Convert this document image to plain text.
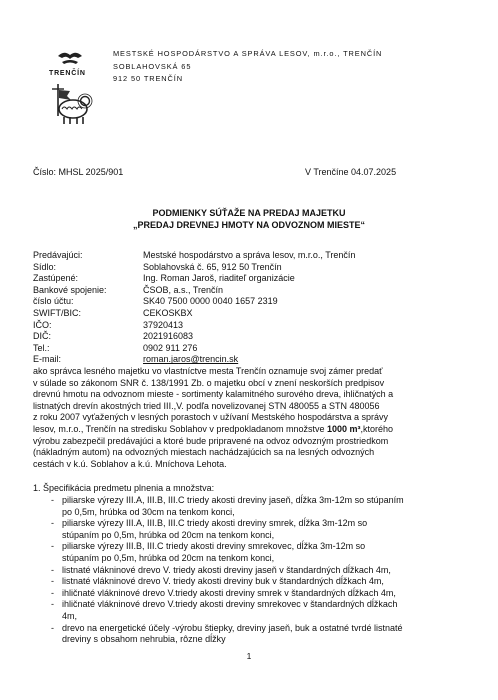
TRENČÍN
MESTSKÉ HOSPODÁRSTVO A SPRÁVA LESOV, m.r.o., TRENČÍN
SOBLAHOVSKÁ 65
912 50 TRENČÍN
Číslo: MHSL 2025/901	V Trenčíne 04.07.2025
PODMIENKY SÚŤAŽE NA PREDAJ MAJETKU
„PREDAJ DREVNEJ HMOTY NA ODVOZNOM MIESTE“
Predávajúci:	Mestské hospodárstvo a správa lesov, m.r.o., Trenčín
Sídlo:	Soblahovská č. 65, 912 50 Trenčín
Zastúpené:	Ing. Roman Jaroš, riaditeľ organizácie
Bankové spojenie:	ČSOB, a.s., Trenčín
číslo účtu:	SK40 7500 0000 0040 1657 2319
SWIFT/BIC:	CEKOSKBX
IČO:	37920413
DIČ:	2021916083
Tel.:	0902 911 276
E-mail:	roman.jaros@trencin.sk
ako správca lesného majetku vo vlastníctve mesta Trenčín oznamuje svoj zámer predať
v súlade so zákonom SNR č. 138/1991 Zb. o majetku obcí v znení neskorších predpisov
drevnú hmotu na odvoznom mieste - sortimenty kalamitného surového dreva, ihličnatých a
listnatých drevín akostných tried III.,V. podľa novelizovanej STN 480055 a STN 480056
z roku 2007 vyťažených v lesných porastoch v užívaní Mestského hospodárstva a správy
lesov, m.r.o., Trenčín na stredisku Soblahov v predpokladanom množstve 1000 m³,ktorého
výrobu zabezpečil predávajúci a ktoré bude pripravené na odvoz odvozným prostriedkom
(nákladným autom) na odvozných miestach nachádzajúcich sa na lesných odvozných
cestách v k.ú. Soblahov a k.ú. Mníchova Lehota.
1. Špecifikácia predmetu plnenia a množstva:
- piliarske výrezy III.A, III.B, III.C triedy akosti dreviny jaseň, dĺžka 3m-12m so stúpaním
po 0,5m, hrúbka od 30cm na tenkom konci,
- piliarske výrezy III.A, III.B, III.C triedy akosti dreviny smrek, dĺžka 3m-12m so
stúpaním po 0,5m, hrúbka od 20cm na tenkom konci,
- piliarske výrezy III.B, III.C triedy akosti dreviny smrekovec, dĺžka 3m-12m so
stúpaním po 0,5m, hrúbka od 20cm na tenkom konci,
- listnaté vlákninové drevo V. triedy akosti dreviny jaseň v štandardných dĺžkach 4m,
- listnaté vlákninové drevo V. triedy akosti dreviny buk v štandardných dĺžkach 4m,
- ihličnaté vlákninové drevo V.triedy akosti dreviny smrek v štandardných dĺžkach 4m,
- ihličnaté vlákninové drevo V.triedy akosti dreviny smrekovec v štandardných dĺžkach
4m,
- drevo na energetické účely -výrobu štiepky, dreviny jaseň, buk a ostatné tvrdé listnaté
dreviny s obsahom nehrubia, rôzne dĺžky
1
